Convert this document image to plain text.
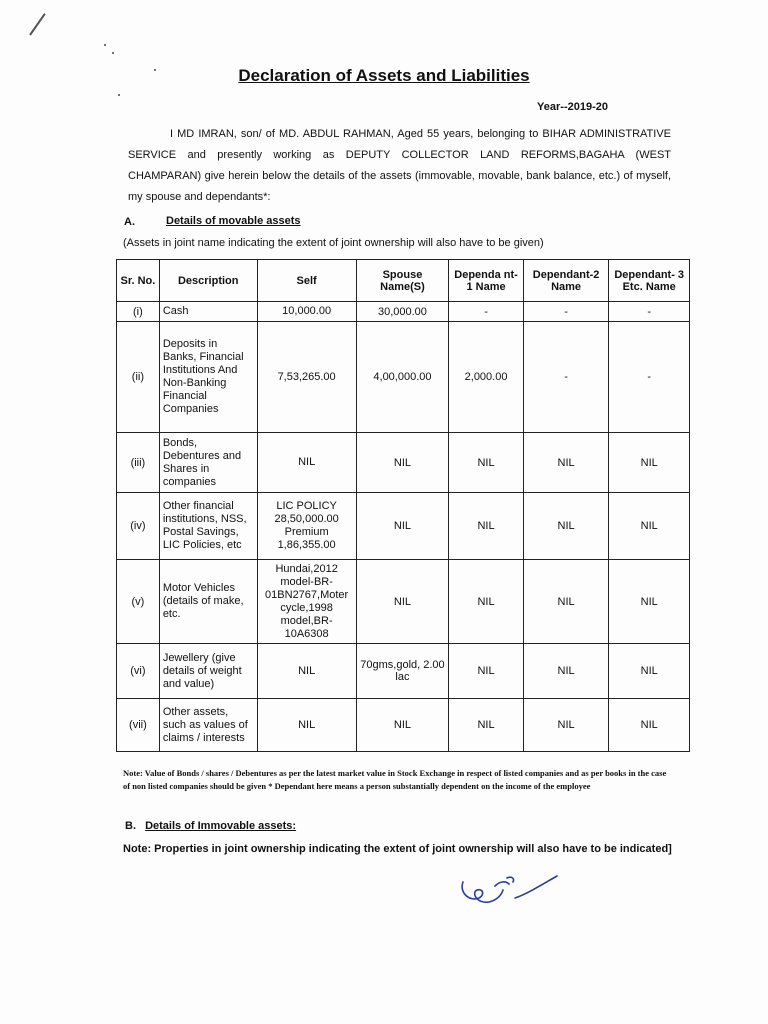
Declaration of Assets and Liabilities
Year--2019-20
I MD IMRAN, son/ of MD. ABDUL RAHMAN, Aged 55 years, belonging to BIHAR ADMINISTRATIVE SERVICE and presently working as DEPUTY COLLECTOR LAND REFORMS,BAGAHA (WEST CHAMPARAN) give herein below the details of the assets (immovable, movable, bank balance, etc.) of myself, my spouse and dependants*:
A.	Details of movable assets
(Assets in joint name indicating the extent of joint ownership will also have to be given)
Sr. No.	Description	Self	Spouse Name(S)	Dependa nt-1 Name	Dependant-2 Name	Dependant- 3 Etc. Name
(i)	Cash	10,000.00	30,000.00	-	-	-
(ii)	Deposits in Banks, Financial Institutions And Non-Banking Financial Companies	7,53,265.00	4,00,000.00	2,000.00	-	-
(iii)	Bonds, Debentures and Shares in companies	NIL	NIL	NIL	NIL	NIL
(iv)	Other financial institutions, NSS, Postal Savings, LIC Policies, etc	LIC POLICY 28,50,000.00 Premium 1,86,355.00	NIL	NIL	NIL	NIL
(v)	Motor Vehicles (details of make, etc.	Hundai,2012 model-BR-01BN2767,Moter cycle,1998 model,BR-10A6308	NIL	NIL	NIL	NIL
(vi)	Jewellery (give details of weight and value)	NIL	70gms,gold, 2.00 lac	NIL	NIL	NIL
(vii)	Other assets, such as values of claims / interests	NIL	NIL	NIL	NIL	NIL
Note: Value of Bonds / shares / Debentures as per the latest market value in Stock Exchange in respect of listed companies and as per books in the case of non listed companies should be given * Dependant here means a person substantially dependent on the income of the employee
B. Details of Immovable assets:
Note: Properties in joint ownership indicating the extent of joint ownership will also have to be indicated]
